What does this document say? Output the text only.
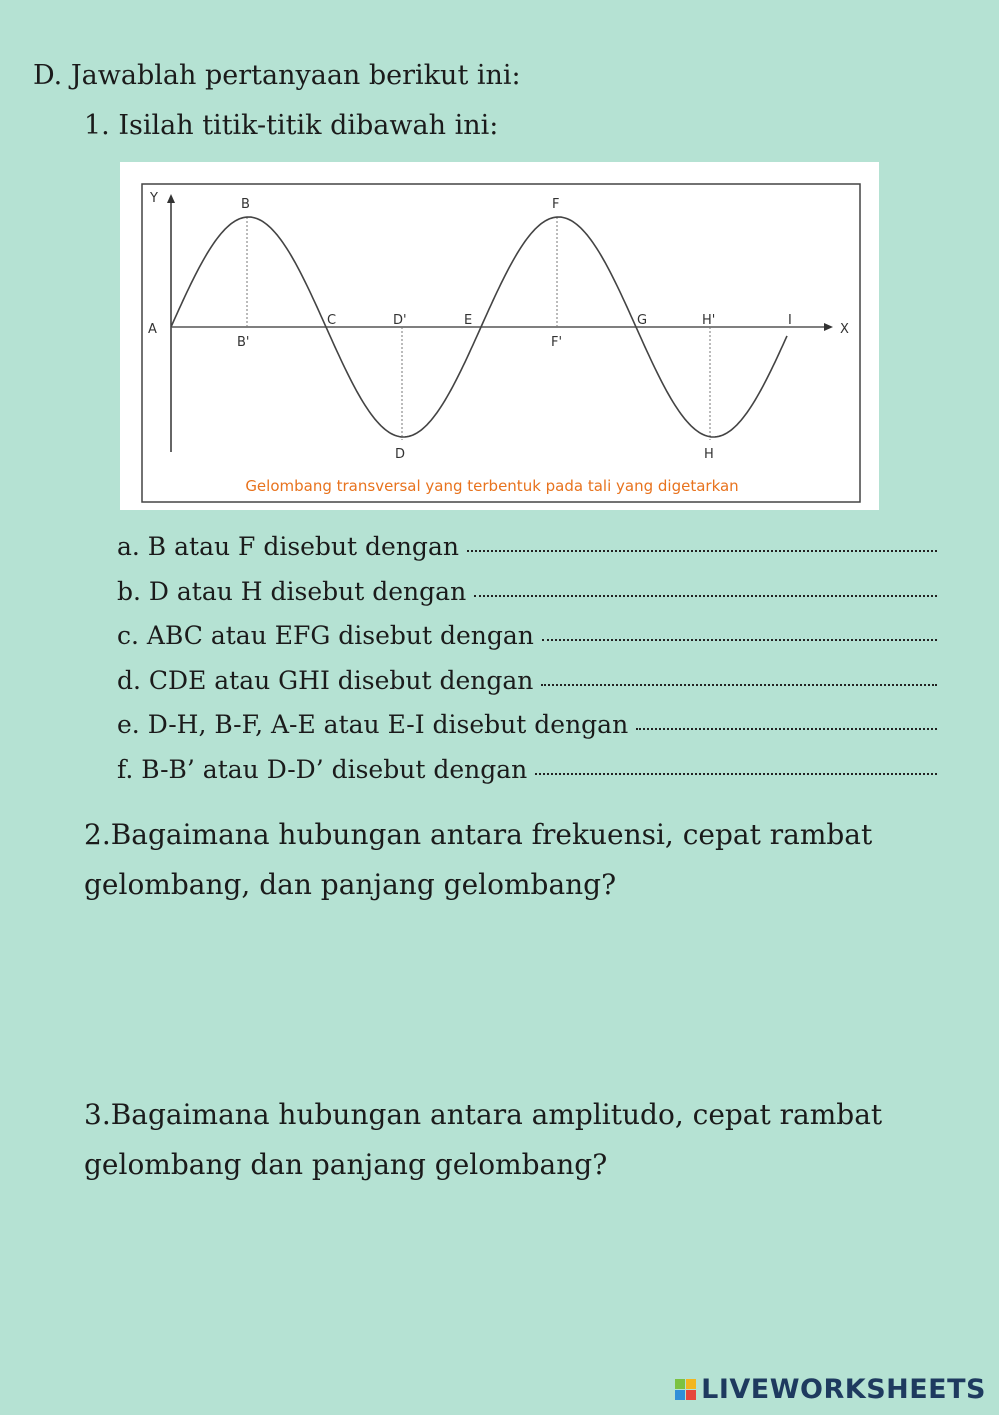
D. Jawablah pertanyaan berikut ini:
1. Isilah titik-titik dibawah ini:
Y
X
A
B
B'
C	D'	E
F
F'
G	H'	I
D	H
Gelombang transversal yang terbentuk pada tali yang digetarkan
a. B atau F disebut dengan
b. D atau H disebut dengan
c. ABC atau EFG disebut dengan
d. CDE atau GHI disebut dengan
e. D-H, B-F, A-E atau E-I disebut dengan
f. B-B’ atau D-D’ disebut dengan
2.Bagaimana hubungan antara frekuensi, cepat rambat
gelombang, dan panjang gelombang?
3.Bagaimana hubungan antara amplitudo, cepat rambat
gelombang dan panjang gelombang?
LIVEWORKSHEETS
